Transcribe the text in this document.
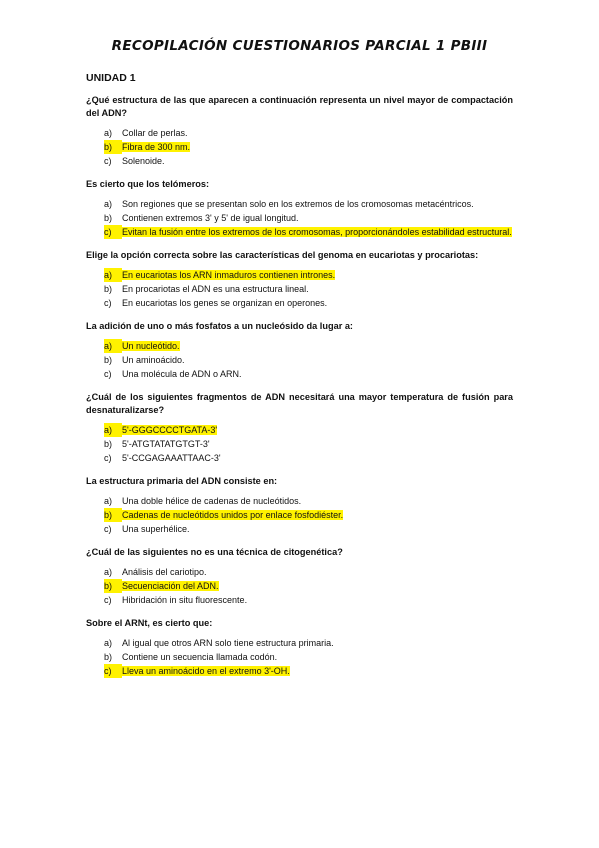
RECOPILACIÓN CUESTIONARIOS PARCIAL 1 PBIII
UNIDAD 1
¿Qué estructura de las que aparecen a continuación representa un nivel mayor de compactación del ADN?
a)	Collar de perlas.
b)	Fibra de 300 nm.
c)	Solenoide.
Es cierto que los telómeros:
a)	Son regiones que se presentan solo en los extremos de los cromosomas metacéntricos.
b)	Contienen extremos 3' y 5' de igual longitud.
c)	Evitan la fusión entre los extremos de los cromosomas, proporcionándoles estabilidad estructural.
Elige la opción correcta sobre las características del genoma en eucariotas y procariotas:
a)	En eucariotas los ARN inmaduros contienen intrones.
b)	En procariotas el ADN es una estructura lineal.
c)	En eucariotas los genes se organizan en operones.
La adición de uno o más fosfatos a un nucleósido da lugar a:
a)	Un nucleótido.
b)	Un aminoácido.
c)	Una molécula de ADN o ARN.
¿Cuál de los siguientes fragmentos de ADN necesitará una mayor temperatura de fusión para desnaturalizarse?
a)	5'-GGGCCCCTGATA-3'
b)	5'-ATGTATATGTGT-3'
c)	5'-CCGAGAAATTAAC-3'
La estructura primaria del ADN consiste en:
a)	Una doble hélice de cadenas de nucleótidos.
b)	Cadenas de nucleótidos unidos por enlace fosfodiéster.
c)	Una superhélice.
¿Cuál de las siguientes no es una técnica de citogenética?
a)	Análisis del cariotipo.
b)	Secuenciación del ADN.
c)	Hibridación in situ fluorescente.
Sobre el ARNt, es cierto que:
a)	Al igual que otros ARN solo tiene estructura primaria.
b)	Contiene un secuencia llamada codón.
c)	Lleva un aminoácido en el extremo 3'-OH.
